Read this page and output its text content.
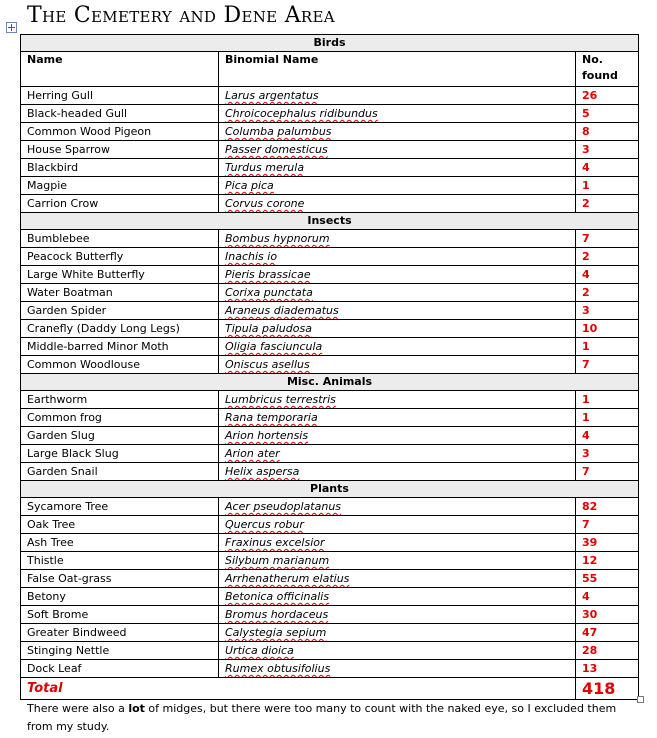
The Cemetery and Dene Area
Birds		
Name	Binomial Name	No. found
Herring Gull	Larus argentatus	26
Black-headed Gull	Chroicocephalus ridibundus	5
Common Wood Pigeon	Columba palumbus	8
House Sparrow	Passer domesticus	3
Blackbird	Turdus merula	4
Magpie	Pica pica	1
Carrion Crow	Corvus corone	2
Insects		
Bumblebee	Bombus hypnorum	7
Peacock Butterfly	Inachis io	2
Large White Butterfly	Pieris brassicae	4
Water Boatman	Corixa punctata	2
Garden Spider	Araneus diadematus	3
Cranefly (Daddy Long Legs)	Tipula paludosa	10
Middle-barred Minor Moth	Oligia fasciuncula	1
Common Woodlouse	Oniscus asellus	7
Misc. Animals		
Earthworm	Lumbricus terrestris	1
Common frog	Rana temporaria	1
Garden Slug	Arion hortensis	4
Large Black Slug	Arion ater	3
Garden Snail	Helix aspersa	7
Plants		
Sycamore Tree	Acer pseudoplatanus	82
Oak Tree	Quercus robur	7
Ash Tree	Fraxinus excelsior	39
Thistle	Silybum marianum	12
False Oat-grass	Arrhenatherum elatius	55
Betony	Betonica officinalis	4
Soft Brome	Bromus hordaceus	30
Greater Bindweed	Calystegia sepium	47
Stinging Nettle	Urtica dioica	28
Dock Leaf	Rumex obtusifolius	13
Total		418

There were also a lot of midges, but there were too many to count with the naked eye, so I excluded them from my study.
